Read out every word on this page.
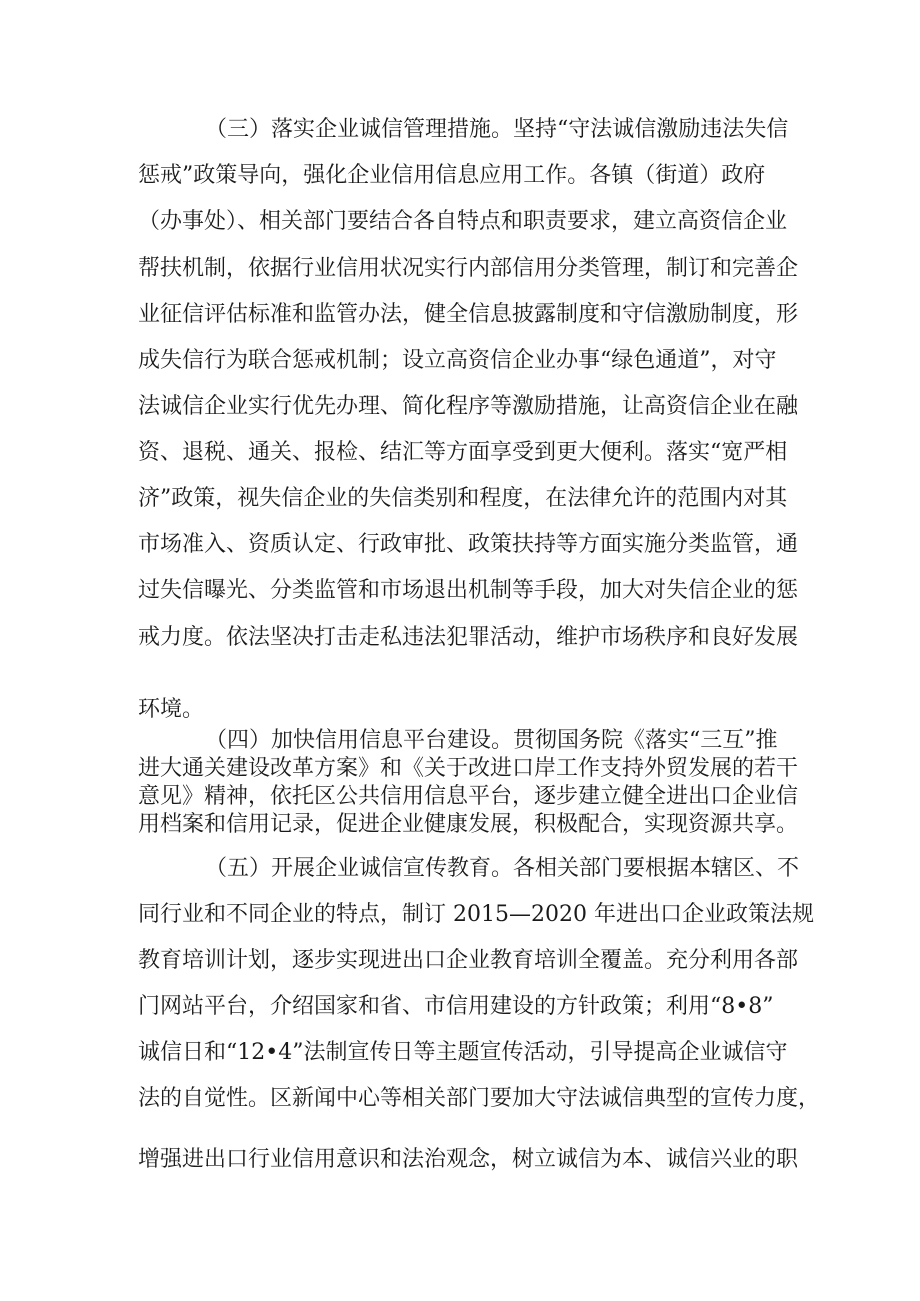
（三）落实企业诚信管理措施。坚持“守法诚信激励违法失信
惩戒”政策导向，强化企业信用信息应用工作。各镇（街道）政府
（办事处）、相关部门要结合各自特点和职责要求，建立高资信企业
帮扶机制，依据行业信用状况实行内部信用分类管理，制订和完善企
业征信评估标准和监管办法，健全信息披露制度和守信激励制度，形
成失信行为联合惩戒机制；设立高资信企业办事“绿色通道”，对守
法诚信企业实行优先办理、简化程序等激励措施，让高资信企业在融
资、退税、通关、报检、结汇等方面享受到更大便利。落实“宽严相
济”政策，视失信企业的失信类别和程度，在法律允许的范围内对其
市场准入、资质认定、行政审批、政策扶持等方面实施分类监管，通
过失信曝光、分类监管和市场退出机制等手段，加大对失信企业的惩
戒力度。依法坚决打击走私违法犯罪活动，维护市场秩序和良好发展
环境。
（四）加快信用信息平台建设。贯彻国务院《落实“三互”推
进大通关建设改革方案》和《关于改进口岸工作支持外贸发展的若干
意见》精神，依托区公共信用信息平台，逐步建立健全进出口企业信
用档案和信用记录，促进企业健康发展，积极配合，实现资源共享。
（五）开展企业诚信宣传教育。各相关部门要根据本辖区、不
同行业和不同企业的特点，制订 2015—2020 年进出口企业政策法规
教育培训计划，逐步实现进出口企业教育培训全覆盖。充分利用各部
门网站平台，介绍国家和省、市信用建设的方针政策；利用“8•8”
诚信日和“12•4”法制宣传日等主题宣传活动，引导提高企业诚信守
法的自觉性。区新闻中心等相关部门要加大守法诚信典型的宣传力度，
增强进出口行业信用意识和法治观念，树立诚信为本、诚信兴业的职
